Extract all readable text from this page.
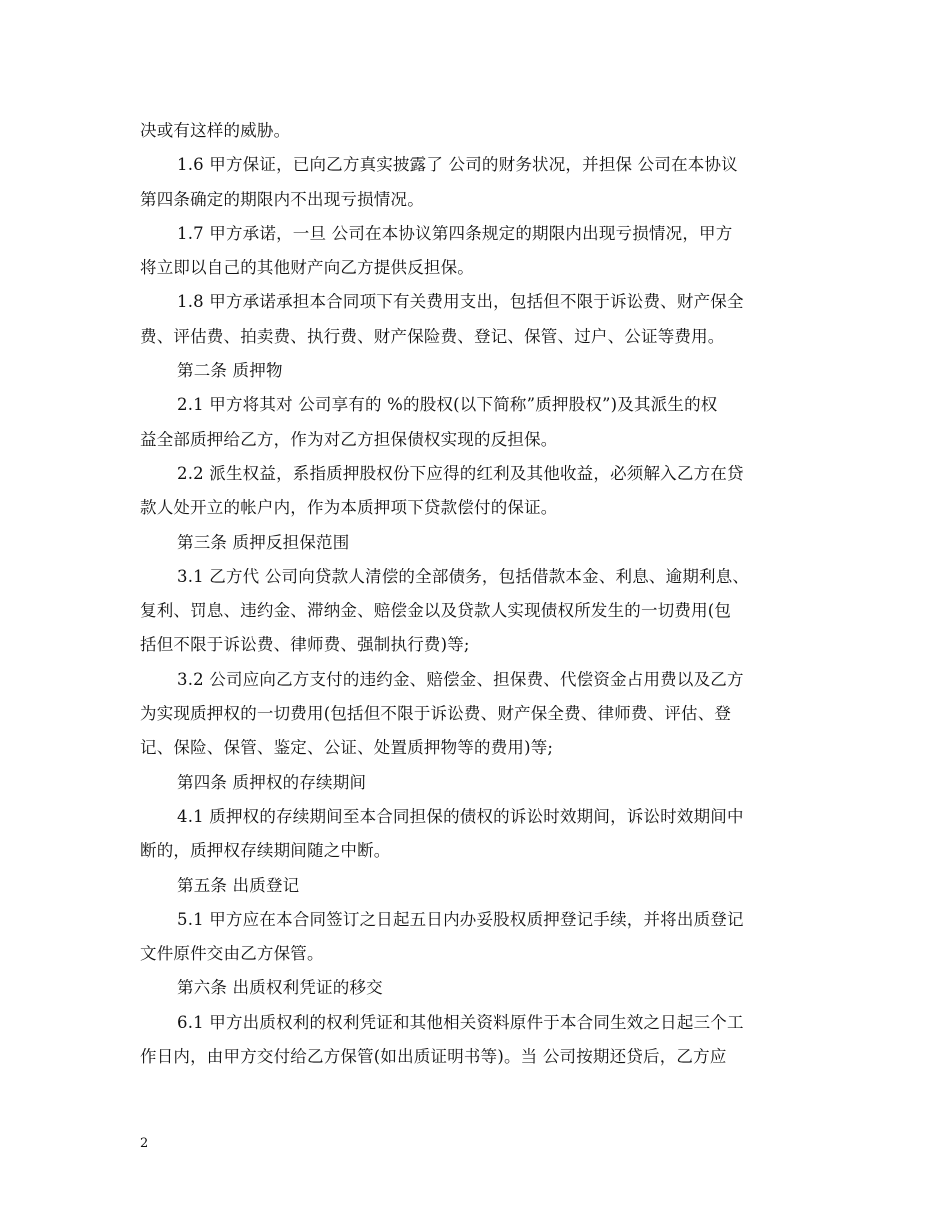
决或有这样的威胁。
1.6 甲方保证，已向乙方真实披露了 公司的财务状况，并担保 公司在本协议
第四条确定的期限内不出现亏损情况。
1.7 甲方承诺，一旦 公司在本协议第四条规定的期限内出现亏损情况，甲方
将立即以自己的其他财产向乙方提供反担保。
1.8 甲方承诺承担本合同项下有关费用支出，包括但不限于诉讼费、财产保全
费、评估费、拍卖费、执行费、财产保险费、登记、保管、过户、公证等费用。
第二条 质押物
2.1 甲方将其对 公司享有的 %的股权(以下简称”质押股权”)及其派生的权
益全部质押给乙方，作为对乙方担保债权实现的反担保。
2.2 派生权益，系指质押股权份下应得的红利及其他收益，必须解入乙方在贷
款人处开立的帐户内，作为本质押项下贷款偿付的保证。
第三条 质押反担保范围
3.1 乙方代 公司向贷款人清偿的全部债务，包括借款本金、利息、逾期利息、
复利、罚息、违约金、滞纳金、赔偿金以及贷款人实现债权所发生的一切费用(包
括但不限于诉讼费、律师费、强制执行费)等;
3.2 公司应向乙方支付的违约金、赔偿金、担保费、代偿资金占用费以及乙方
为实现质押权的一切费用(包括但不限于诉讼费、财产保全费、律师费、评估、登
记、保险、保管、鉴定、公证、处置质押物等的费用)等;
第四条 质押权的存续期间
4.1 质押权的存续期间至本合同担保的债权的诉讼时效期间，诉讼时效期间中
断的，质押权存续期间随之中断。
第五条 出质登记
5.1 甲方应在本合同签订之日起五日内办妥股权质押登记手续，并将出质登记
文件原件交由乙方保管。
第六条 出质权利凭证的移交
6.1 甲方出质权利的权利凭证和其他相关资料原件于本合同生效之日起三个工
作日内，由甲方交付给乙方保管(如出质证明书等)。当 公司按期还贷后，乙方应
2
